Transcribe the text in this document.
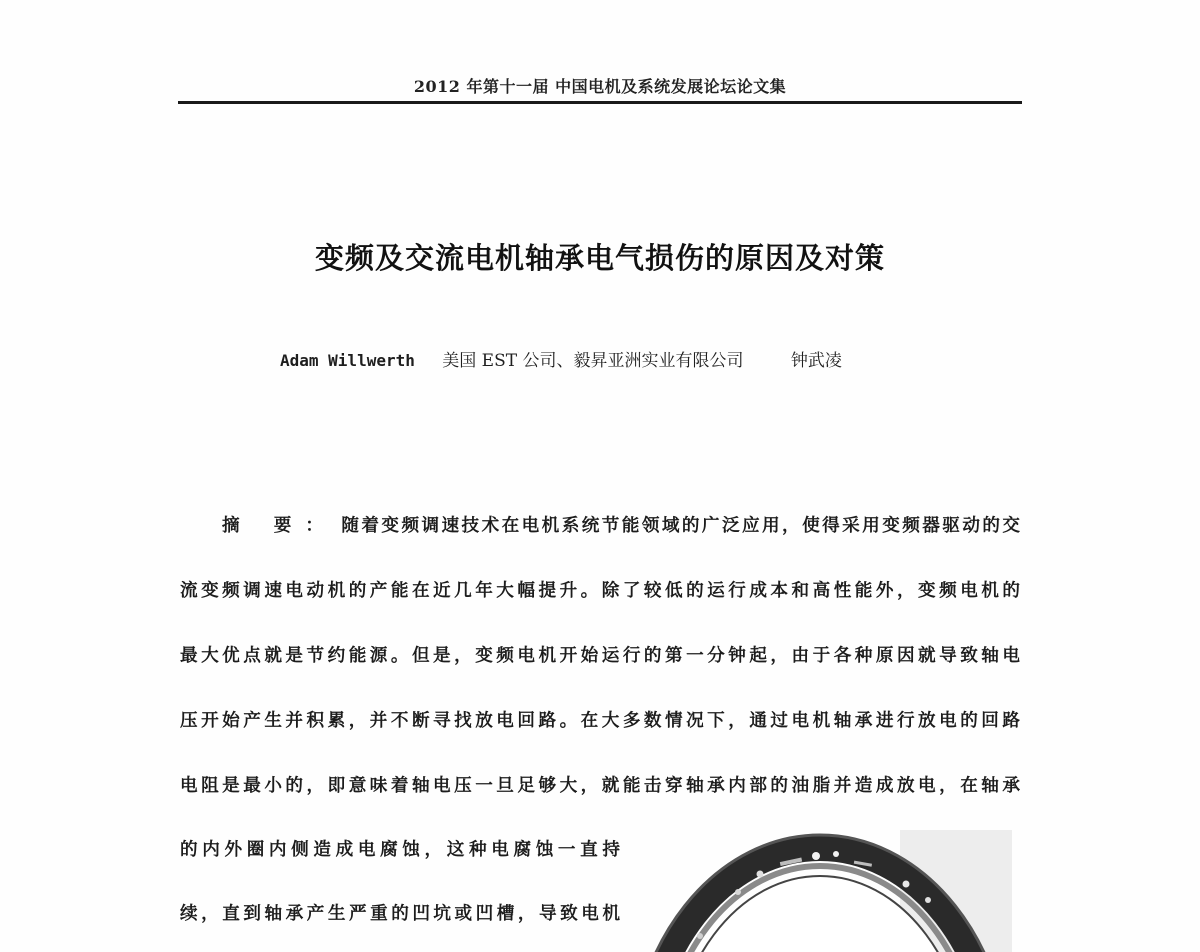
2012 年第十一届 中国电机及系统发展论坛论文集
变频及交流电机轴承电气损伤的原因及对策
Adam Willwerth 美国 EST 公司、毅昇亚洲实业有限公司	钟武凌
摘 要： 随着变频调速技术在电机系统节能领域的广泛应用，使得采用变频器驱动的交
流变频调速电动机的产能在近几年大幅提升。除了较低的运行成本和高性能外，变频电机的
最大优点就是节约能源。但是，变频电机开始运行的第一分钟起，由于各种原因就导致轴电
压开始产生并积累，并不断寻找放电回路。在大多数情况下，通过电机轴承进行放电的回路
电阻是最小的，即意味着轴电压一旦足够大，就能击穿轴承内部的油脂并造成放电，在轴承
的内外圈内侧造成电腐蚀，这种电腐蚀一直持
续，直到轴承产生严重的凹坑或凹槽，导致电机
